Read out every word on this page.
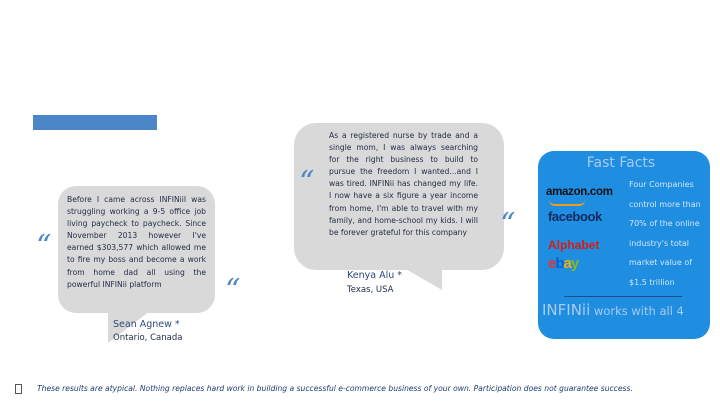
“
Before I came across INFINiiI was struggling working a 9-5 office job living paycheck to paycheck. Since November 2013 however I've earned $303,577 which allowed me to fire my boss and become a work from home dad all using the powerful INFINii platform	“
Sean Agnew *
Ontario, Canada
As a registered nurse by trade and a single mom, I was always searching for the right business to build to pursue the freedom I wanted...and I was tired. INFINii has changed my life. I now have a six figure a year income from home, I'm able to travel with my family, and home-school my kids. I will be forever grateful for this company
“
“
Kenya Alu *
Texas, USA
Fast Facts
amazon.com
facebook
Alphabet
ebay
Four Companies control more than 70% of the online industry's total market value of $1.5 trillion
INFINii works with all 4
These results are atypical. Nothing replaces hard work in building a successful e-commerce business of your own. Participation does not guarantee success.
